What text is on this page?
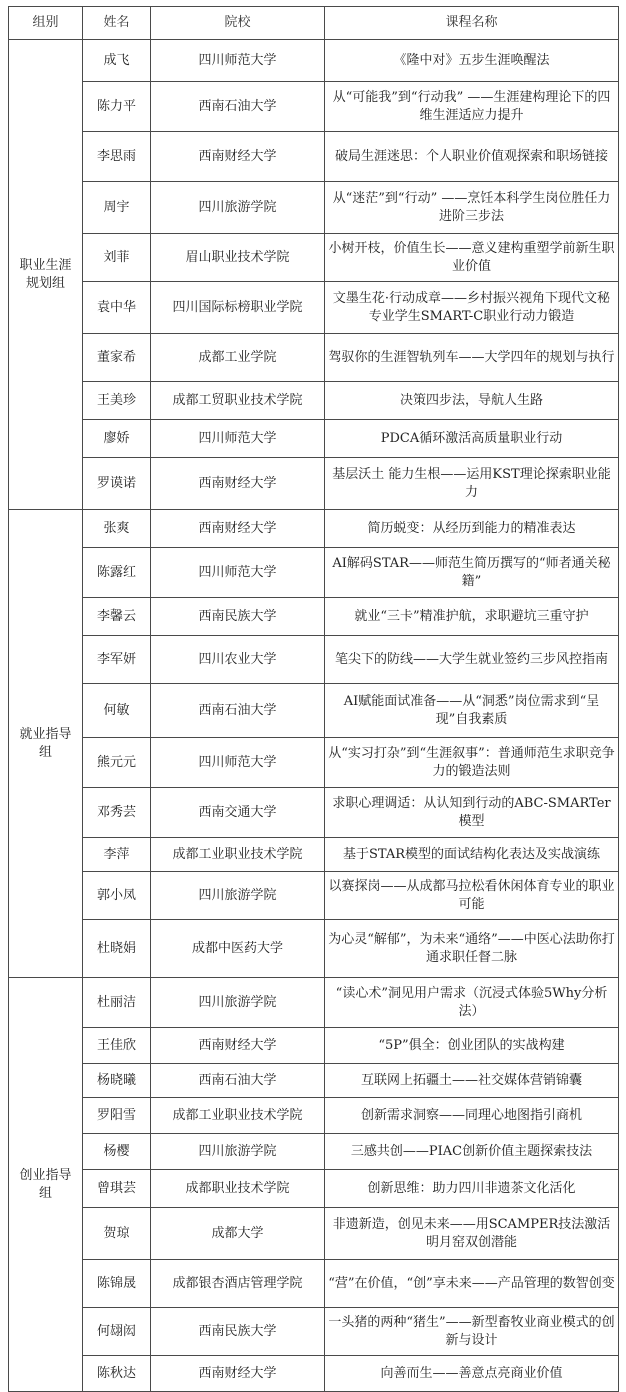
组别	姓名	院校	课程名称
职业生涯
规划组	成飞	四川师范大学	《隆中对》五步生涯唤醒法
	陈力平	西南石油大学	从“可能我”到“行动我” ——生涯建构理论下的四维生涯适应力提升
	李思雨	西南财经大学	破局生涯迷思：个人职业价值观探索和职场链接
	周宇	四川旅游学院	从“迷茫”到“行动” ——烹饪本科学生岗位胜任力进阶三步法
	刘菲	眉山职业技术学院	小树开枝，价值生长——意义建构重塑学前新生职业价值
	袁中华	四川国际标榜职业学院	文墨生花·行动成章——乡村振兴视角下现代文秘专业学生SMART-C职业行动力锻造
	董家希	成都工业学院	驾驭你的生涯智轨列车——大学四年的规划与执行
	王美珍	成都工贸职业技术学院	决策四步法，导航人生路
	廖娇	四川师范大学	PDCA循环激活高质量职业行动
	罗谟诺	西南财经大学	基层沃土 能力生根——运用KST理论探索职业能力
就业指导
组	张爽	西南财经大学	简历蜕变：从经历到能力的精准表达
	陈露红	四川师范大学	AI解码STAR——师范生简历撰写的“师者通关秘籍”
	李馨云	西南民族大学	就业“三卡”精准护航，求职避坑三重守护
	李军妍	四川农业大学	笔尖下的防线——大学生就业签约三步风控指南
	何敏	西南石油大学	AI赋能面试准备——从“洞悉”岗位需求到“呈现”自我素质
	熊元元	四川师范大学	从“实习打杂”到“生涯叙事”：普通师范生求职竞争力的锻造法则
	邓秀芸	西南交通大学	求职心理调适：从认知到行动的ABC-SMARTer模型
	李萍	成都工业职业技术学院	基于STAR模型的面试结构化表达及实战演练
	郭小凤	四川旅游学院	以赛探岗——从成都马拉松看休闲体育专业的职业可能
	杜晓娟	成都中医药大学	为心灵“解郁”，为未来“通络”——中医心法助你打通求职任督二脉
创业指导
组	杜丽洁	四川旅游学院	“读心术”洞见用户需求（沉浸式体验5Why分析法）
	王佳欣	西南财经大学	“5P”俱全：创业团队的实战构建
	杨晓曦	西南石油大学	互联网上拓疆土——社交媒体营销锦囊
	罗阳雪	成都工业职业技术学院	创新需求洞察——同理心地图指引商机
	杨樱	四川旅游学院	三感共创——PIAC创新价值主题探索技法
	曾琪芸	成都职业技术学院	创新思维：助力四川非遗茶文化活化
	贺琼	成都大学	非遗新造，创见未来——用SCAMPER技法激活明月窑双创潜能
	陈锦晟	成都银杏酒店管理学院	“营”在价值，“创”享未来——产品管理的数智创变
	何翃闳	西南民族大学	一头猪的两种“猪生”——新型畜牧业商业模式的创新与设计
	陈秋达	西南财经大学	向善而生——善意点亮商业价值
